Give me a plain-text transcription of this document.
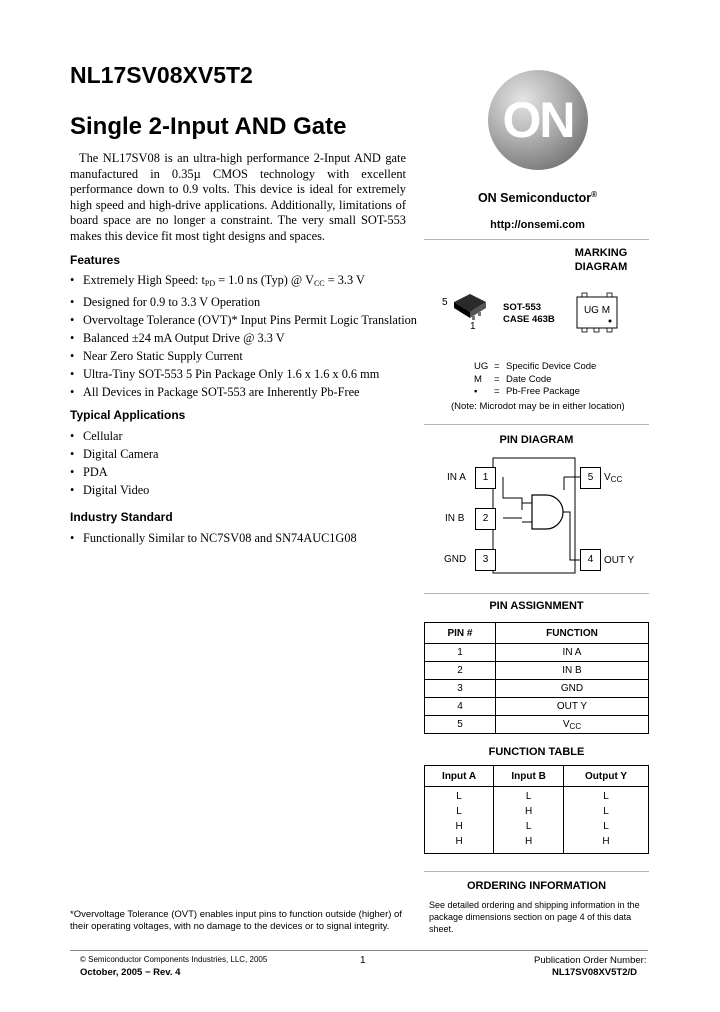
NL17SV08XV5T2
Single 2-Input AND Gate
The NL17SV08 is an ultra-high performance 2-Input AND gate manufactured in 0.35µ CMOS technology with excellent performance down to 0.9 volts. This device is ideal for extremely high speed and high-drive applications. Additionally, limitations of board space are no longer a constraint. The very small SOT-553 makes this device fit most tight designs and spaces.
Features
• Extremely High Speed: $t_{PD} = 1.0$ ns (Typ) @ $V_{CC} = 3.3$ V
• Designed for 0.9 to 3.3 V Operation
• Overvoltage Tolerance (OVT)* Input Pins Permit Logic Translation
• Balanced ±24 mA Output Drive @ 3.3 V
• Near Zero Static Supply Current
• Ultra-Tiny SOT-553 5 Pin Package Only 1.6 x 1.6 x 0.6 mm
• All Devices in Package SOT-553 are Inherently Pb-Free
Typical Applications
• Cellular
• Digital Camera
• PDA
• Digital Video
Industry Standard
• Functionally Similar to NC7SV08 and SN74AUC1G08
*Overvoltage Tolerance (OVT) enables input pins to function outside (higher) of their operating voltages, with no damage to the devices or to signal integrity.
ON
ON Semiconductor®
http://onsemi.com
MARKING
DIAGRAM
5
1
SOT-553
CASE 463B
UG M
UG = Specific Device Code
M = Date Code
▪ = Pb-Free Package
(Note: Microdot may be in either location)
PIN DIAGRAM
1
2
3	4
5
IN A
IN B
GND	OUT Y
$V_{CC}$
PIN ASSIGNMENT
PIN #	FUNCTION
1	IN A
2	IN B
3	GND
4	OUT Y
5	$V_{CC}$
FUNCTION TABLE
Input A	Input B	Output Y
L	L	L
L	H	L
H	L	L
H	H	H
ORDERING INFORMATION
See detailed ordering and shipping information in the package dimensions section on page 4 of this data sheet.
© Semiconductor Components Industries, LLC, 2005
October, 2005 − Rev. 4
1	Publication Order Number:
NL17SV08XV5T2/D
